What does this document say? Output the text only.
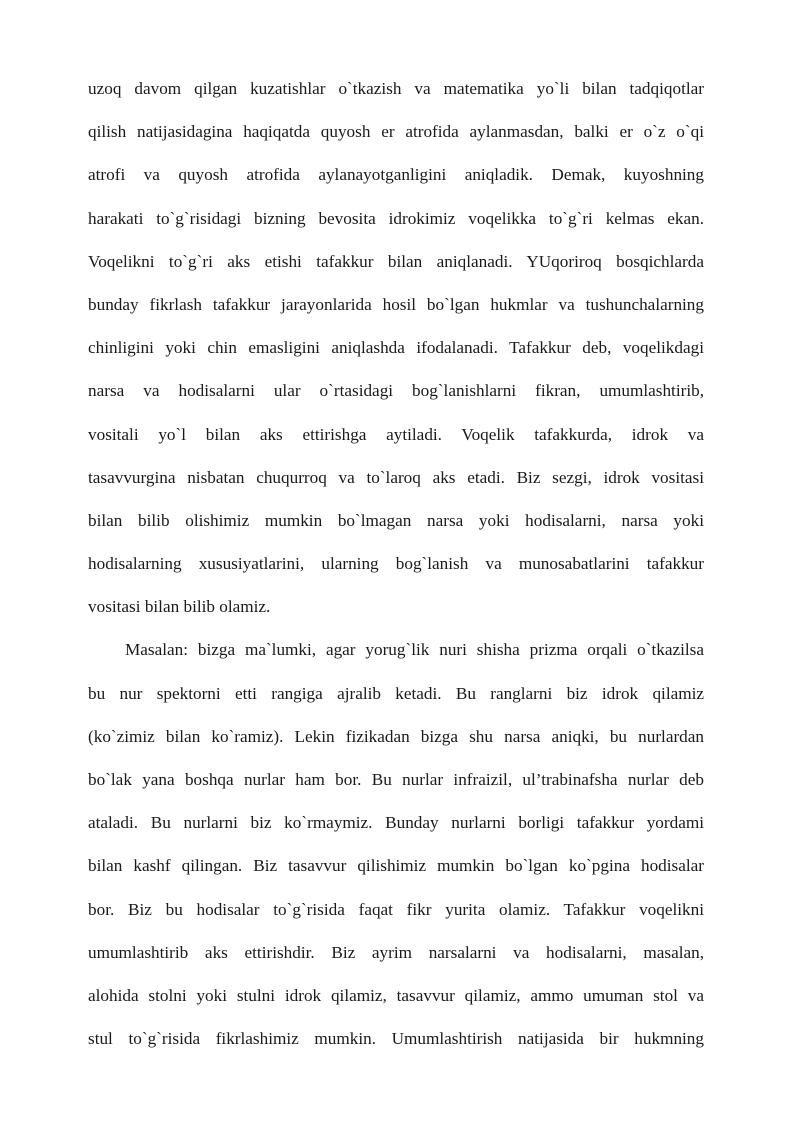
uzoq davom qilgan kuzatishlar o`tkazish va matematika yo`li bilan tadqiqotlar
qilish natijasidagina haqiqatda quyosh er atrofida aylanmasdan, balki er o`z o`qi
atrofi va quyosh atrofida aylanayotganligini aniqladik. Demak, kuyoshning
harakati to`g`risidagi bizning bevosita idrokimiz voqelikka to`g`ri kelmas ekan.
Voqelikni to`g`ri aks etishi tafakkur bilan aniqlanadi. YUqoriroq bosqichlarda
bunday fikrlash tafakkur jarayonlarida hosil bo`lgan hukmlar va tushunchalarning
chinligini yoki chin emasligini aniqlashda ifodalanadi. Tafakkur deb, voqelikdagi
narsa va hodisalarni ular o`rtasidagi bog`lanishlarni fikran, umumlashtirib,
vositali yo`l bilan aks ettirishga aytiladi. Voqelik tafakkurda, idrok va
tasavvurgina nisbatan chuqurroq va to`laroq aks etadi. Biz sezgi, idrok vositasi
bilan bilib olishimiz mumkin bo`lmagan narsa yoki hodisalarni, narsa yoki
hodisalarning xususiyatlarini, ularning bog`lanish va munosabatlarini tafakkur
vositasi bilan bilib olamiz.
Masalan: bizga ma`lumki, agar yorug`lik nuri shisha prizma orqali o`tkazilsa
bu nur spektorni etti rangiga ajralib ketadi. Bu ranglarni biz idrok qilamiz
(ko`zimiz bilan ko`ramiz). Lekin fizikadan bizga shu narsa aniqki, bu nurlardan
bo`lak yana boshqa nurlar ham bor. Bu nurlar infraizil, ul’trabinafsha nurlar deb
ataladi. Bu nurlarni biz ko`rmaymiz. Bunday nurlarni borligi tafakkur yordami
bilan kashf qilingan. Biz tasavvur qilishimiz mumkin bo`lgan ko`pgina hodisalar
bor. Biz bu hodisalar to`g`risida faqat fikr yurita olamiz. Tafakkur voqelikni
umumlashtirib aks ettirishdir. Biz ayrim narsalarni va hodisalarni, masalan,
alohida stolni yoki stulni idrok qilamiz, tasavvur qilamiz, ammo umuman stol va
stul to`g`risida fikrlashimiz mumkin. Umumlashtirish natijasida bir hukmning
